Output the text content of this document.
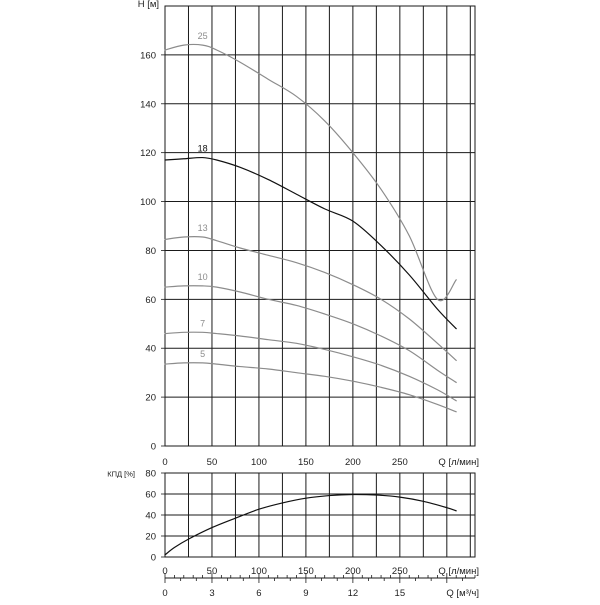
0
20
40
60
80
100
120
140
160
0	50	100	150	200	250
H [м]
Q [л/мин]
25
18
13
10
7
5
0
20
40
60
80
КПД [%]
0	50	100	150	200	250	Q [л/мин]
0	3	6	9	12	15	Q [м³/ч]
